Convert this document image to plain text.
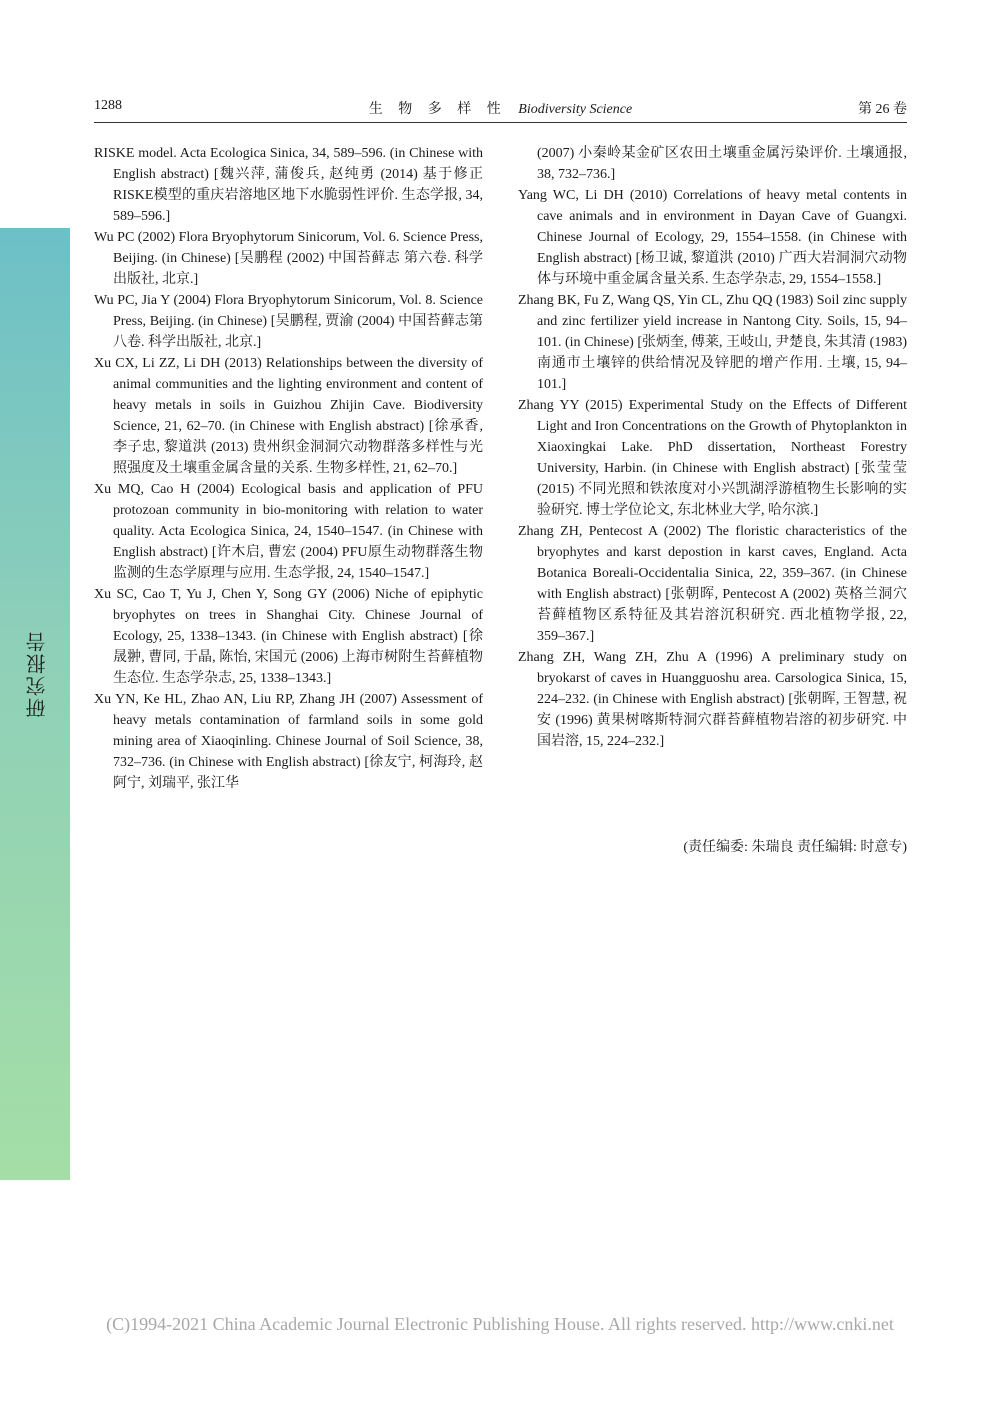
1288	生 物 多 样 性 Biodiversity Science	第 26 卷
研究报告

RISKE model. Acta Ecologica Sinica, 34, 589–596. (in Chinese with English abstract) [魏兴萍, 蒲俊兵, 赵纯勇 (2014) 基于修正RISKE模型的重庆岩溶地区地下水脆弱性评价. 生态学报, 34, 589–596.]

Wu PC (2002) Flora Bryophytorum Sinicorum, Vol. 6. Science Press, Beijing. (in Chinese) [吴鹏程 (2002) 中国苔藓志 第六卷. 科学出版社, 北京.]

Wu PC, Jia Y (2004) Flora Bryophytorum Sinicorum, Vol. 8. Science Press, Beijing. (in Chinese) [吴鹏程, 贾渝 (2004) 中国苔藓志第八卷. 科学出版社, 北京.]

Xu CX, Li ZZ, Li DH (2013) Relationships between the diversity of animal communities and the lighting environment and content of heavy metals in soils in Guizhou Zhijin Cave. Biodiversity Science, 21, 62–70. (in Chinese with English abstract) [徐承香, 李子忠, 黎道洪 (2013) 贵州织金洞洞穴动物群落多样性与光照强度及土壤重金属含量的关系. 生物多样性, 21, 62–70.]

Xu MQ, Cao H (2004) Ecological basis and application of PFU protozoan community in bio-monitoring with relation to water quality. Acta Ecologica Sinica, 24, 1540–1547. (in Chinese with English abstract) [许木启, 曹宏 (2004) PFU原生动物群落生物监测的生态学原理与应用. 生态学报, 24, 1540–1547.]

Xu SC, Cao T, Yu J, Chen Y, Song GY (2006) Niche of epiphytic bryophytes on trees in Shanghai City. Chinese Journal of Ecology, 25, 1338–1343. (in Chinese with English abstract) [徐晟翀, 曹同, 于晶, 陈怡, 宋国元 (2006) 上海市树附生苔藓植物生态位. 生态学杂志, 25, 1338–1343.]

Xu YN, Ke HL, Zhao AN, Liu RP, Zhang JH (2007) Assessment of heavy metals contamination of farmland soils in some gold mining area of Xiaoqinling. Chinese Journal of Soil Science, 38, 732–736. (in Chinese with English abstract) [徐友宁, 柯海玲, 赵阿宁, 刘瑞平, 张江华

(2007) 小秦岭某金矿区农田土壤重金属污染评价. 土壤通报, 38, 732–736.]

Yang WC, Li DH (2010) Correlations of heavy metal contents in cave animals and in environment in Dayan Cave of Guangxi. Chinese Journal of Ecology, 29, 1554–1558. (in Chinese with English abstract) [杨卫诚, 黎道洪 (2010) 广西大岩洞洞穴动物体与环境中重金属含量关系. 生态学杂志, 29, 1554–1558.]

Zhang BK, Fu Z, Wang QS, Yin CL, Zhu QQ (1983) Soil zinc supply and zinc fertilizer yield increase in Nantong City. Soils, 15, 94–101. (in Chinese) [张炳奎, 傅莱, 王岐山, 尹楚良, 朱其清 (1983) 南通市土壤锌的供给情况及锌肥的增产作用. 土壤, 15, 94–101.]

Zhang YY (2015) Experimental Study on the Effects of Different Light and Iron Concentrations on the Growth of Phytoplankton in Xiaoxingkai Lake. PhD dissertation, Northeast Forestry University, Harbin. (in Chinese with English abstract) [张莹莹 (2015) 不同光照和铁浓度对小兴凯湖浮游植物生长影响的实验研究. 博士学位论文, 东北林业大学, 哈尔滨.]

Zhang ZH, Pentecost A (2002) The floristic characteristics of the bryophytes and karst depostion in karst caves, England. Acta Botanica Boreali-Occidentalia Sinica, 22, 359–367. (in Chinese with English abstract) [张朝晖, Pentecost A (2002) 英格兰洞穴苔藓植物区系特征及其岩溶沉积研究. 西北植物学报, 22, 359–367.]

Zhang ZH, Wang ZH, Zhu A (1996) A preliminary study on bryokarst of caves in Huangguoshu area. Carsologica Sinica, 15, 224–232. (in Chinese with English abstract) [张朝晖, 王智慧, 祝安 (1996) 黄果树喀斯特洞穴群苔藓植物岩溶的初步研究. 中国岩溶, 15, 224–232.]

(责任编委: 朱瑞良 责任编辑: 时意专)
(C)1994-2021 China Academic Journal Electronic Publishing House. All rights reserved. http://www.cnki.net
